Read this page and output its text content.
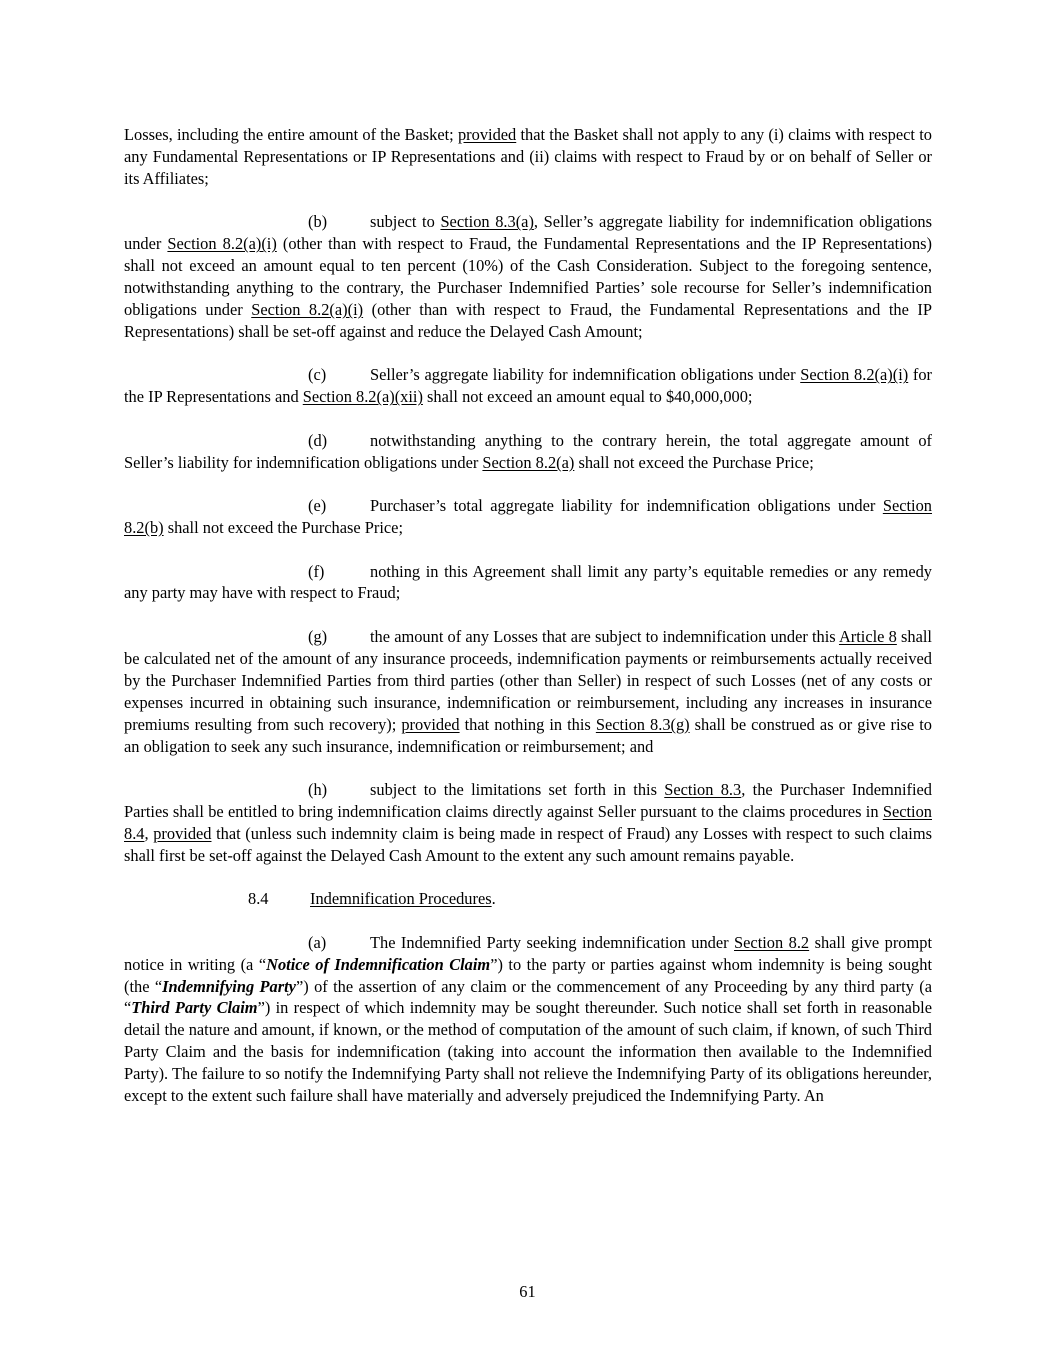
Losses, including the entire amount of the Basket; provided that the Basket shall not apply to any (i) claims with respect to any Fundamental Representations or IP Representations and (ii) claims with respect to Fraud by or on behalf of Seller or its Affiliates;

(b)	subject to Section 8.3(a), Seller’s aggregate liability for indemnification obligations under Section 8.2(a)(i) (other than with respect to Fraud, the Fundamental Representations and the IP Representations) shall not exceed an amount equal to ten percent (10%) of the Cash Consideration. Subject to the foregoing sentence, notwithstanding anything to the contrary, the Purchaser Indemnified Parties’ sole recourse for Seller’s indemnification obligations under Section 8.2(a)(i) (other than with respect to Fraud, the Fundamental Representations and the IP Representations) shall be set-off against and reduce the Delayed Cash Amount;

(c)	Seller’s aggregate liability for indemnification obligations under Section 8.2(a)(i) for the IP Representations and Section 8.2(a)(xii) shall not exceed an amount equal to $40,000,000;

(d)	notwithstanding anything to the contrary herein, the total aggregate amount of Seller’s liability for indemnification obligations under Section 8.2(a) shall not exceed the Purchase Price;

(e)	Purchaser’s total aggregate liability for indemnification obligations under Section 8.2(b) shall not exceed the Purchase Price;

(f)	nothing in this Agreement shall limit any party’s equitable remedies or any remedy any party may have with respect to Fraud;

(g)	the amount of any Losses that are subject to indemnification under this Article 8 shall be calculated net of the amount of any insurance proceeds, indemnification payments or reimbursements actually received by the Purchaser Indemnified Parties from third parties (other than Seller) in respect of such Losses (net of any costs or expenses incurred in obtaining such insurance, indemnification or reimbursement, including any increases in insurance premiums resulting from such recovery); provided that nothing in this Section 8.3(g) shall be construed as or give rise to an obligation to seek any such insurance, indemnification or reimbursement; and

(h)	subject to the limitations set forth in this Section 8.3, the Purchaser Indemnified Parties shall be entitled to bring indemnification claims directly against Seller pursuant to the claims procedures in Section 8.4, provided that (unless such indemnity claim is being made in respect of Fraud) any Losses with respect to such claims shall first be set-off against the Delayed Cash Amount to the extent any such amount remains payable.

8.4	Indemnification Procedures.

(a)	The Indemnified Party seeking indemnification under Section 8.2 shall give prompt notice in writing (a “Notice of Indemnification Claim”) to the party or parties against whom indemnity is being sought (the “Indemnifying Party”) of the assertion of any claim or the commencement of any Proceeding by any third party (a “Third Party Claim”) in respect of which indemnity may be sought thereunder. Such notice shall set forth in reasonable detail the nature and amount, if known, or the method of computation of the amount of such claim, if known, of such Third Party Claim and the basis for indemnification (taking into account the information then available to the Indemnified Party). The failure to so notify the Indemnifying Party shall not relieve the Indemnifying Party of its obligations hereunder, except to the extent such failure shall have materially and adversely prejudiced the Indemnifying Party. An

61
